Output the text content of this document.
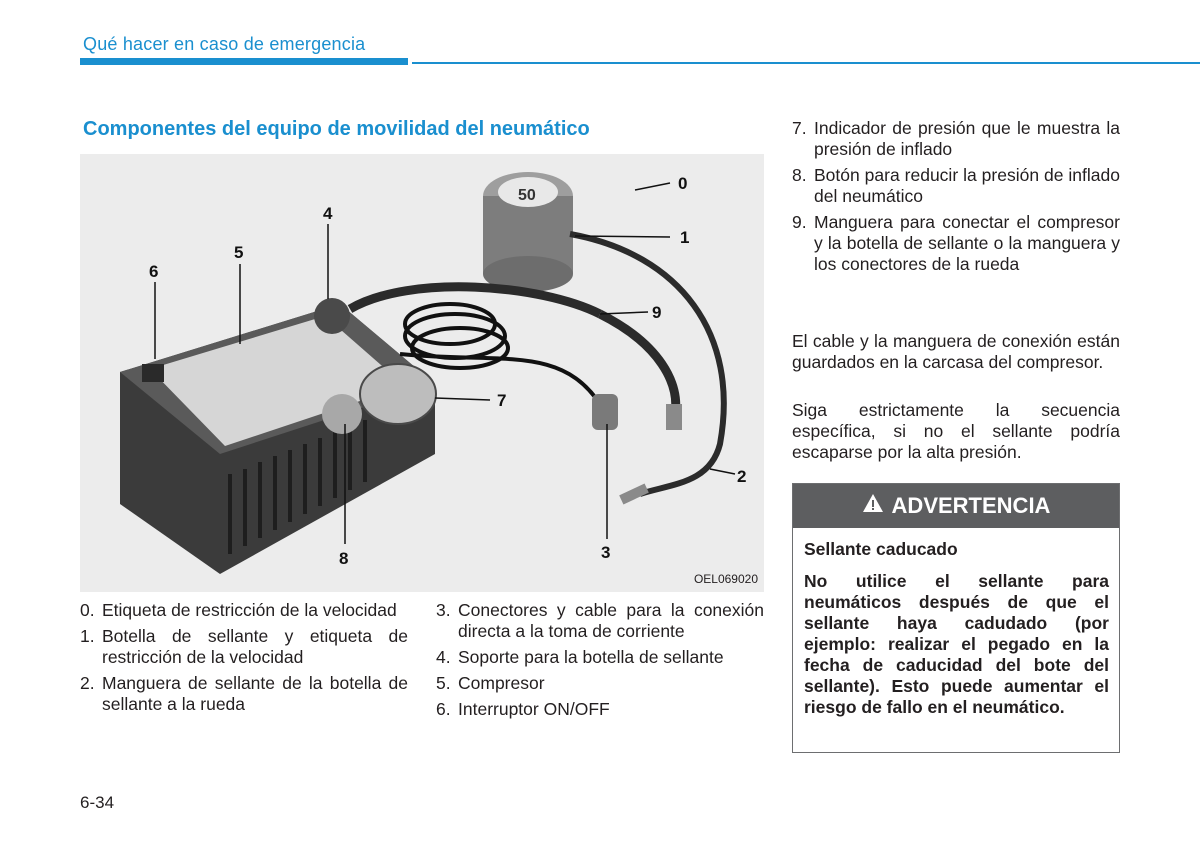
Qué hacer en caso de emergencia
Componentes del equipo de movilidad del neumático
50
0
1
2
3
4
5
6
7
8
9
OEL069020
0. Etiqueta de restricción de la velocidad
1. Botella de sellante y etiqueta de restricción de la velocidad
2. Manguera de sellante de la botella de sellante a la rueda
3. Conectores y cable para la conexión directa a la toma de corriente
4. Soporte para la botella de sellante
5. Compresor
6. Interruptor ON/OFF
7. Indicador de presión que le muestra la presión de inflado
8. Botón para reducir la presión de inflado del neumático
9. Manguera para conectar el compresor y la botella de sellante o la manguera y los conectores de la rueda

El cable y la manguera de conexión están guardados en la carcasa del compresor.

Siga estrictamente la secuencia específica, si no el sellante podría escaparse por la alta presión.

ADVERTENCIA
Sellante caducado
No utilice el sellante para neumáticos después de que el sellante haya cadudado (por ejemplo: realizar el pegado en la fecha de caducidad del bote del sellante). Esto puede aumentar el riesgo de fallo en el neumático.
6-34
